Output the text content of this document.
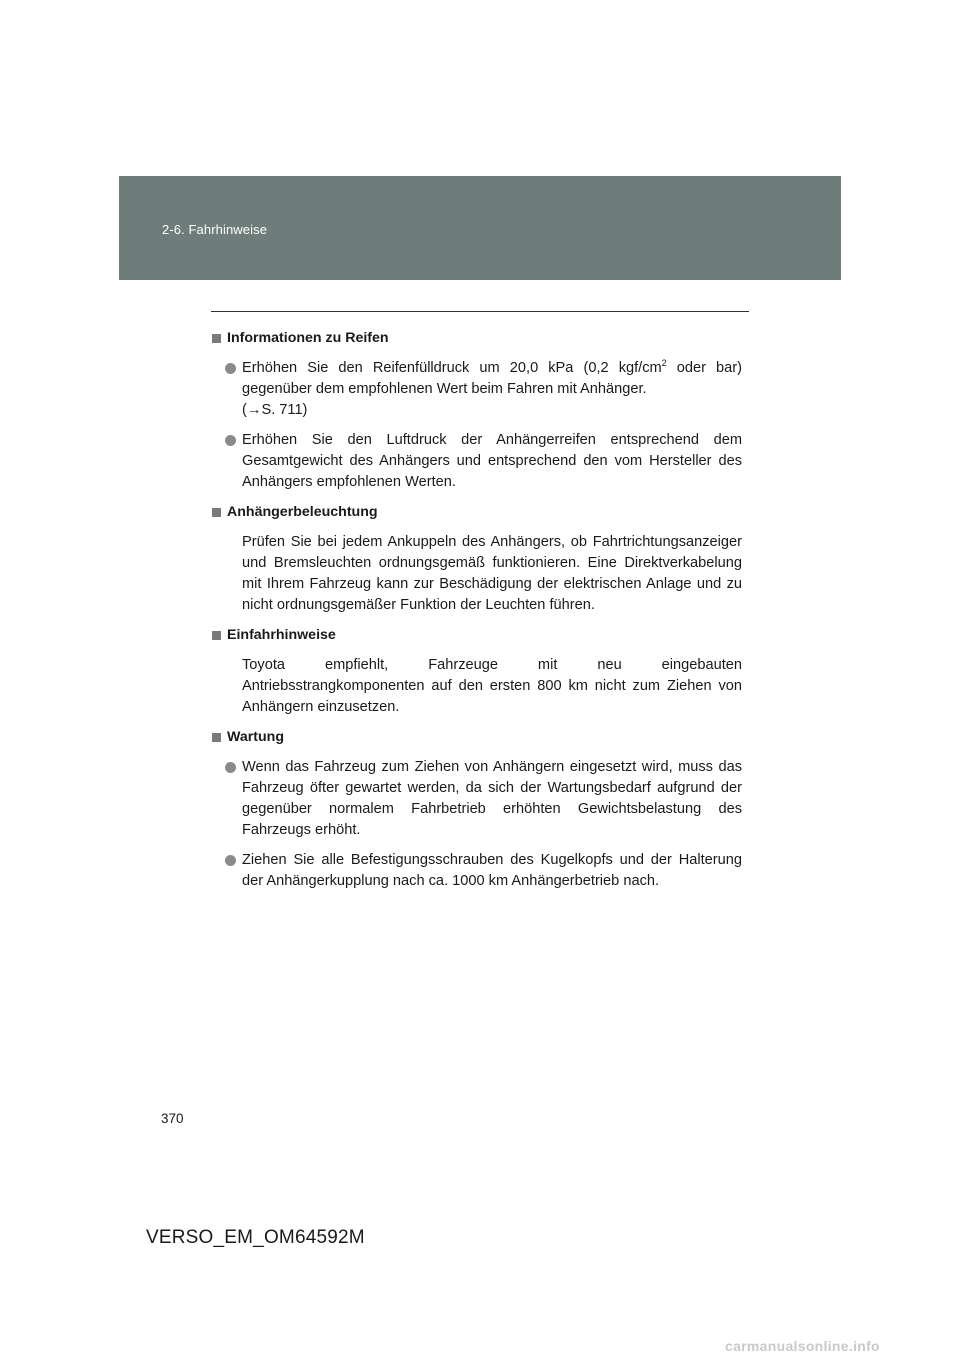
2-6. Fahrhinweise
Informationen zu Reifen
Erhöhen Sie den Reifenfülldruck um 20,0 kPa (0,2 kgf/$cm^2$ oder bar) gegenüber dem empfohlenen Wert beim Fahren mit Anhänger.
(→S. 711)
Erhöhen Sie den Luftdruck der Anhängerreifen entsprechend dem Gesamtgewicht des Anhängers und entsprechend den vom Hersteller des Anhängers empfohlenen Werten.
Anhängerbeleuchtung
Prüfen Sie bei jedem Ankuppeln des Anhängers, ob Fahrtrichtungsanzeiger und Bremsleuchten ordnungsgemäß funktionieren. Eine Direktverkabelung mit Ihrem Fahrzeug kann zur Beschädigung der elektrischen Anlage und zu nicht ordnungsgemäßer Funktion der Leuchten führen.
Einfahrhinweise
Toyota empfiehlt, Fahrzeuge mit neu eingebauten Antriebsstrangkomponenten auf den ersten 800 km nicht zum Ziehen von Anhängern einzusetzen.
Wartung
Wenn das Fahrzeug zum Ziehen von Anhängern eingesetzt wird, muss das Fahrzeug öfter gewartet werden, da sich der Wartungsbedarf aufgrund der gegenüber normalem Fahrbetrieb erhöhten Gewichtsbelastung des Fahrzeugs erhöht.
Ziehen Sie alle Befestigungsschrauben des Kugelkopfs und der Halterung der Anhängerkupplung nach ca. 1000 km Anhängerbetrieb nach.
370
VERSO_EM_OM64592M
carmanualsonline.info
